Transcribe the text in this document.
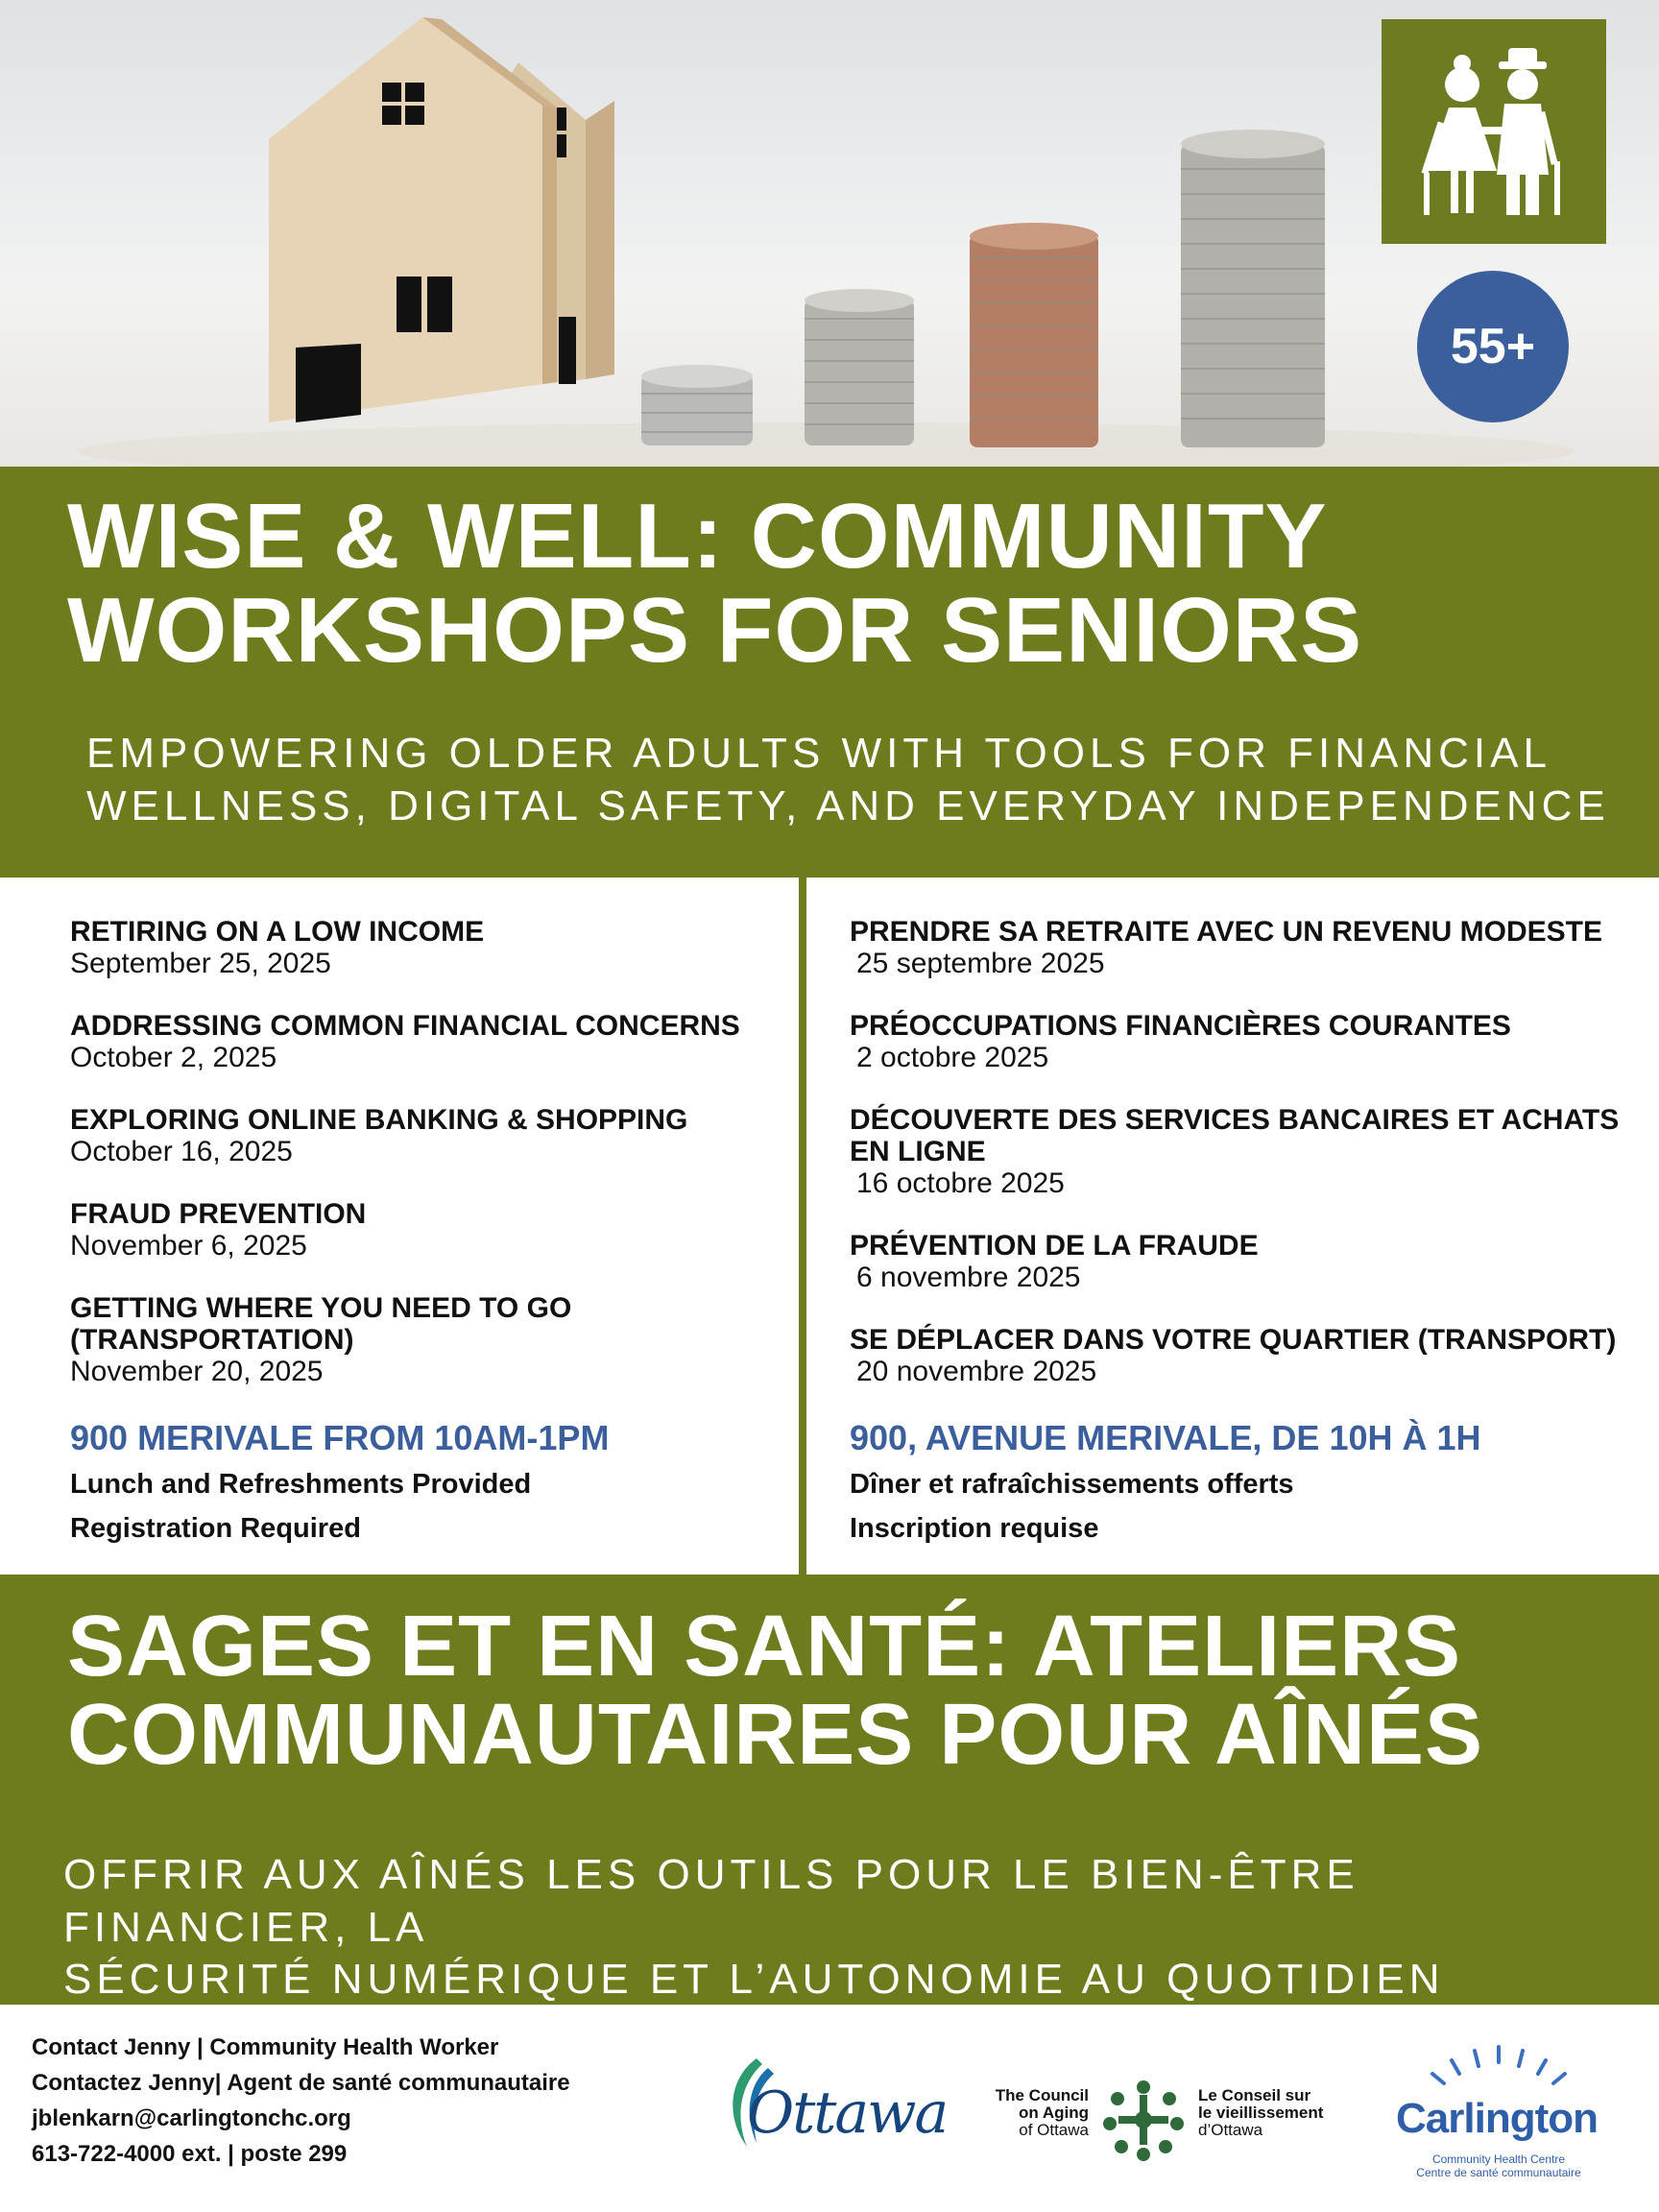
55+
WISE & WELL: COMMUNITY
WORKSHOPS FOR SENIORS

EMPOWERING OLDER ADULTS WITH TOOLS FOR FINANCIAL
WELLNESS, DIGITAL SAFETY, AND EVERYDAY INDEPENDENCE

RETIRING ON A LOW INCOME
September 25, 2025
ADDRESSING COMMON FINANCIAL CONCERNS
October 2, 2025
EXPLORING ONLINE BANKING & SHOPPING
October 16, 2025
FRAUD PREVENTION
November 6, 2025
GETTING WHERE YOU NEED TO GO (TRANSPORTATION)
November 20, 2025
900 MERIVALE FROM 10AM-1PM
Lunch and Refreshments Provided
Registration Required
PRENDRE SA RETRAITE AVEC UN REVENU MODESTE
25 septembre 2025
PRÉOCCUPATIONS FINANCIÈRES COURANTES
2 octobre 2025
DÉCOUVERTE DES SERVICES BANCAIRES ET ACHATS EN LIGNE
16 octobre 2025
PRÉVENTION DE LA FRAUDE
6 novembre 2025
SE DÉPLACER DANS VOTRE QUARTIER (TRANSPORT)
20 novembre 2025
900, AVENUE MERIVALE, DE 10H À 1H
Dîner et rafraîchissements offerts
Inscription requise
SAGES ET EN SANTÉ: ATELIERS
COMMUNAUTAIRES POUR AÎNÉS

OFFRIR AUX AÎNÉS LES OUTILS POUR LE BIEN-ÊTRE FINANCIER, LA
SÉCURITÉ NUMÉRIQUE ET L’AUTONOMIE AU QUOTIDIEN

Contact Jenny | Community Health Worker
Contactez Jenny| Agent de santé communautaire
jblenkarn@carlingtonchc.org
613-722-4000 ext. | poste 299
Ottawa	The Council
on Aging
of Ottawa
Le Conseil sur
le vieillissement
d’Ottawa	Carlington
Community Health Centre
Centre de santé communautaire
